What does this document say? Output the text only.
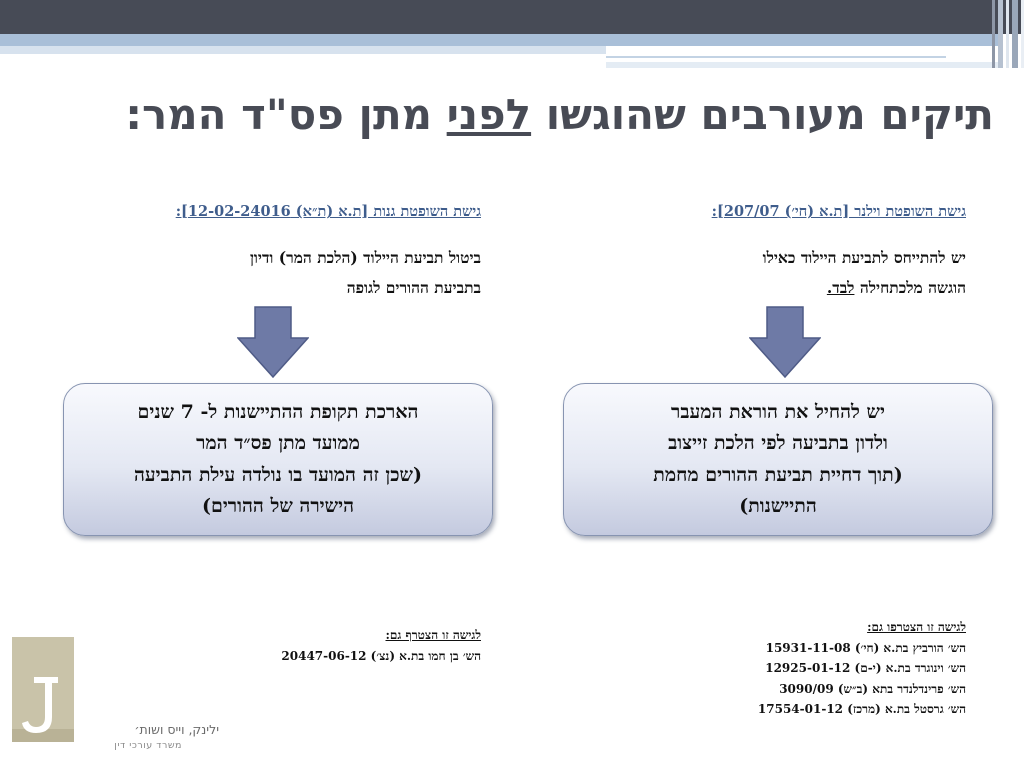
תיקים מעורבים שהוגשו לפני מתן פס"ד המר:
גישת השופטת וילנר [ת.א (חי׳) 207/07]:
יש להתייחס לתביעת היילוד כאילו
הוגשה מלכתחילה לבד.
יש להחיל את הוראת המעבר
ולדון בתביעה לפי הלכת זייצוב
(תוך דחיית תביעת ההורים מחמת
התיישנות)
לגישה זו הצטרפו גם:
הש׳ הורביץ בת.א (חי׳) 15931-11-08
הש׳ וינוגרד בת.א (י-ם) 12925-01-12
הש׳ פרינדלנדר בתא (ב״ש) 3090/09
הש׳ גרסטל בת.א (מרכז) 17554-01-12
גישת השופטת גנות [ת.א (ת״א) 12-02-24016]:
ביטול תביעת היילוד (הלכת המר) ודיון
בתביעת ההורים לגופה
הארכת תקופת ההתיישנות ל- 7 שנים
ממועד מתן פס״ד המר
(שכן זה המועד בו נולדה עילת התביעה
הישירה של ההורים)
לגישה זו הצטרף גם:
הש׳ בן חמו בת.א (נצ׳) 20447-06-12
ילינק, וייס ושות׳
משרד עורכי דין
